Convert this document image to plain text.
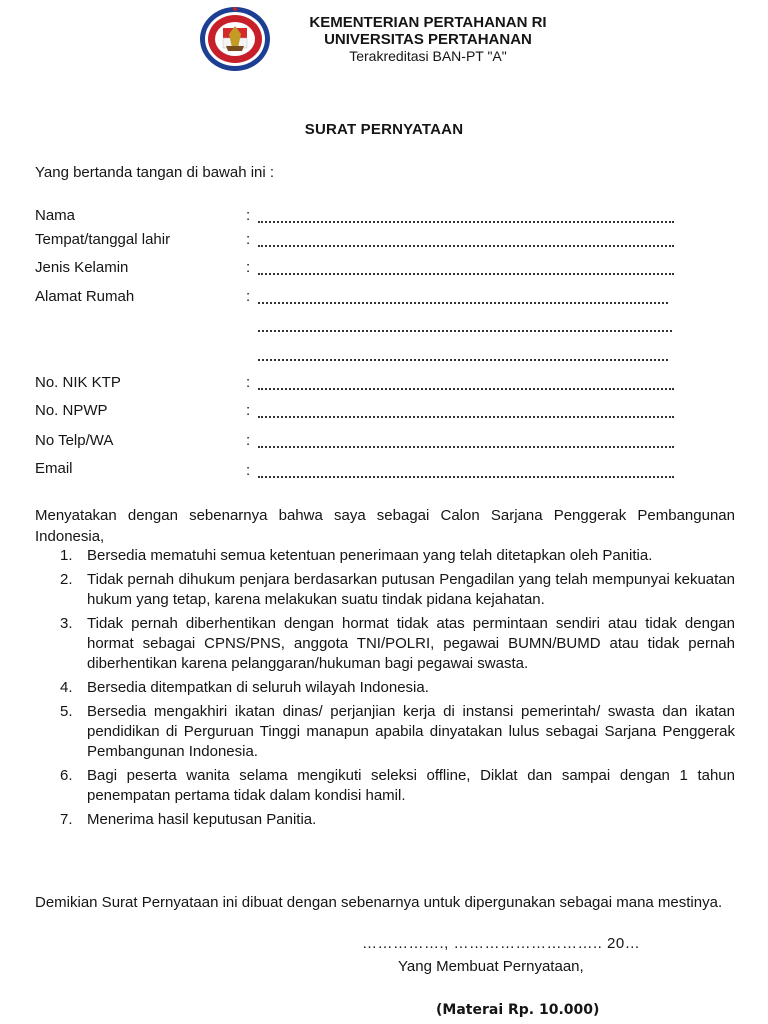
KEMENTERIAN PERTAHANAN RI
UNIVERSITAS PERTAHANAN
Terakreditasi BAN-PT "A"
SURAT PERNYATAAN
Yang bertanda tangan di bawah ini :
Nama	:
Tempat/tanggal lahir	:
Jenis Kelamin	:
Alamat Rumah	:
No. NIK KTP	:
No. NPWP	:
No Telp/WA	:
Email	:
Menyatakan dengan sebenarnya bahwa saya sebagai Calon Sarjana Penggerak Pembangunan Indonesia,
1. Bersedia mematuhi semua ketentuan penerimaan yang telah ditetapkan oleh Panitia.
2. Tidak pernah dihukum penjara berdasarkan putusan Pengadilan yang telah mempunyai kekuatan hukum yang tetap, karena melakukan suatu tindak pidana kejahatan.
3. Tidak pernah diberhentikan dengan hormat tidak atas permintaan sendiri atau tidak dengan hormat sebagai CPNS/PNS, anggota TNI/POLRI, pegawai BUMN/BUMD atau tidak pernah diberhentikan karena pelanggaran/hukuman bagi pegawai swasta.
4. Bersedia ditempatkan di seluruh wilayah Indonesia.
5. Bersedia mengakhiri ikatan dinas/ perjanjian kerja di instansi pemerintah/ swasta dan ikatan pendidikan di Perguruan Tinggi manapun apabila dinyatakan lulus sebagai Sarjana Penggerak Pembangunan Indonesia.
6. Bagi peserta wanita selama mengikuti seleksi offline, Diklat dan sampai dengan 1 tahun penempatan pertama tidak dalam kondisi hamil.
7. Menerima hasil keputusan Panitia.
Demikian Surat Pernyataan ini dibuat dengan sebenarnya untuk dipergunakan sebagai mana mestinya.
……………., ……………………….. 20…
Yang Membuat Pernyataan,
(Materai Rp. 10.000)
